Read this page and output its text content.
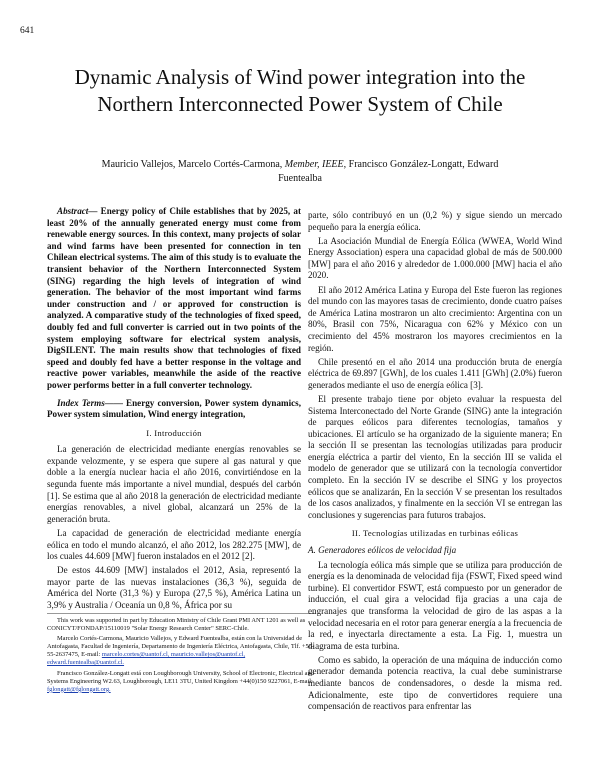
641
Dynamic Analysis of Wind power integration into the Northern Interconnected Power System of Chile
Mauricio Vallejos, Marcelo Cortés-Carmona, Member, IEEE, Francisco González-Longatt, Edward
Fuentealba

Abstract— Energy policy of Chile establishes that by 2025, at least 20% of the annually generated energy must come from renewable energy sources. In this context, many projects of solar and wind farms have been presented for connection in ten Chilean electrical systems. The aim of this study is to evaluate the transient behavior of the Northern Interconnected System (SING) regarding the high levels of integration of wind generation. The behavior of the most important wind farms under construction and / or approved for construction is analyzed. A comparative study of the technologies of fixed speed, doubly fed and full converter is carried out in two points of the system employing software for electrical system analysis, DigSILENT. The main results show that technologies of fixed speed and doubly fed have a better response in the voltage and reactive power variables, meanwhile the aside of the reactive power performs better in a full converter technology.

Index Terms—— Energy conversion, Power system dynamics, Power system simulation, Wind energy integration,

I. Introducción

La generación de electricidad mediante energías renovables se expande velozmente, y se espera que supere al gas natural y que doble a la energía nuclear hacia el año 2016, convirtiéndose en la segunda fuente más importante a nivel mundial, después del carbón [1]. Se estima que al año 2018 la generación de electricidad mediante energías renovables, a nivel global, alcanzará un 25% de la generación bruta.

La capacidad de generación de electricidad mediante energía eólica en todo el mundo alcanzó, el año 2012, los 282.275 [MW], de los cuales 44.609 [MW] fueron instalados en el 2012 [2].

De estos 44.609 [MW] instalados el 2012, Asia, representó la mayor parte de las nuevas instalaciones (36,3 %), seguida de América del Norte (31,3 %) y Europa (27,5 %), América Latina un 3,9% y Australia / Oceanía un 0,8 %, África por su

This work was supported in part by Education Ministry of Chile Grant PMI ANT 1201 as well as CONICYT/FONDAP/15110019 "Solar Energy Research Center" SERC-Chile.

Marcelo Cortés-Carmona, Mauricio Vallejos, y Edward Fuentealba, están con la Universidad de Antofagasta, Facultad de Ingeniería, Departamento de Ingeniería Eléctrica, Antofagasta, Chile, Tlf. +56-55-2637475, E-mail: marcelo.cortes@uantof.cl, mauricio.vallejos@uantof.cl, edward.fuentealba@uantof.cl.

Francisco González-Longatt está con Loughborough University, School of Electronic, Electrical and Systems Engineering W2.63, Loughborough, LE11 3TU, United Kingdom +44(0)150 9227061, E-mail: fglongatt@fglongatt.org.

parte, sólo contribuyó en un (0,2 %) y sigue siendo un mercado pequeño para la energía eólica.

La Asociación Mundial de Energía Eólica (WWEA, World Wind Energy Association) espera una capacidad global de más de 500.000 [MW] para el año 2016 y alrededor de 1.000.000 [MW] hacia el año 2020.

El año 2012 América Latina y Europa del Este fueron las regiones del mundo con las mayores tasas de crecimiento, donde cuatro países de América Latina mostraron un alto crecimiento: Argentina con un 80%, Brasil con 75%, Nicaragua con 62% y México con un crecimiento del 45% mostraron los mayores crecimientos en la región.

Chile presentó en el año 2014 una producción bruta de energía eléctrica de 69.897 [GWh], de los cuales 1.411 [GWh] (2.0%) fueron generados mediante el uso de energía eólica [3].

El presente trabajo tiene por objeto evaluar la respuesta del Sistema Interconectado del Norte Grande (SING) ante la integración de parques eólicos para diferentes tecnologías, tamaños y ubicaciones. El artículo se ha organizado de la siguiente manera; En la sección II se presentan las tecnologías utilizadas para producir energía eléctrica a partir del viento, En la sección III se valida el modelo de generador que se utilizará con la tecnología convertidor completo. En la sección IV se describe el SING y los proyectos eólicos que se analizarán, En la sección V se presentan los resultados de los casos analizados, y finalmente en la sección VI se entregan las conclusiones y sugerencias para futuros trabajos.

II. Tecnologías utilizadas en turbinas eólicas
A. Generadores eólicos de velocidad fija

La tecnología eólica más simple que se utiliza para producción de energía es la denominada de velocidad fija (FSWT, Fixed speed wind turbine). El convertidor FSWT, está compuesto por un generador de inducción, el cual gira a velocidad fija gracias a una caja de engranajes que transforma la velocidad de giro de las aspas a la velocidad necesaria en el rotor para generar energía a la frecuencia de la red, e inyectarla directamente a esta. La Fig. 1, muestra un diagrama de esta turbina.

Como es sabido, la operación de una máquina de inducción como generador demanda potencia reactiva, la cual debe suministrarse mediante bancos de condensadores, o desde la misma red. Adicionalmente, este tipo de convertidores requiere una compensación de reactivos para enfrentar las
